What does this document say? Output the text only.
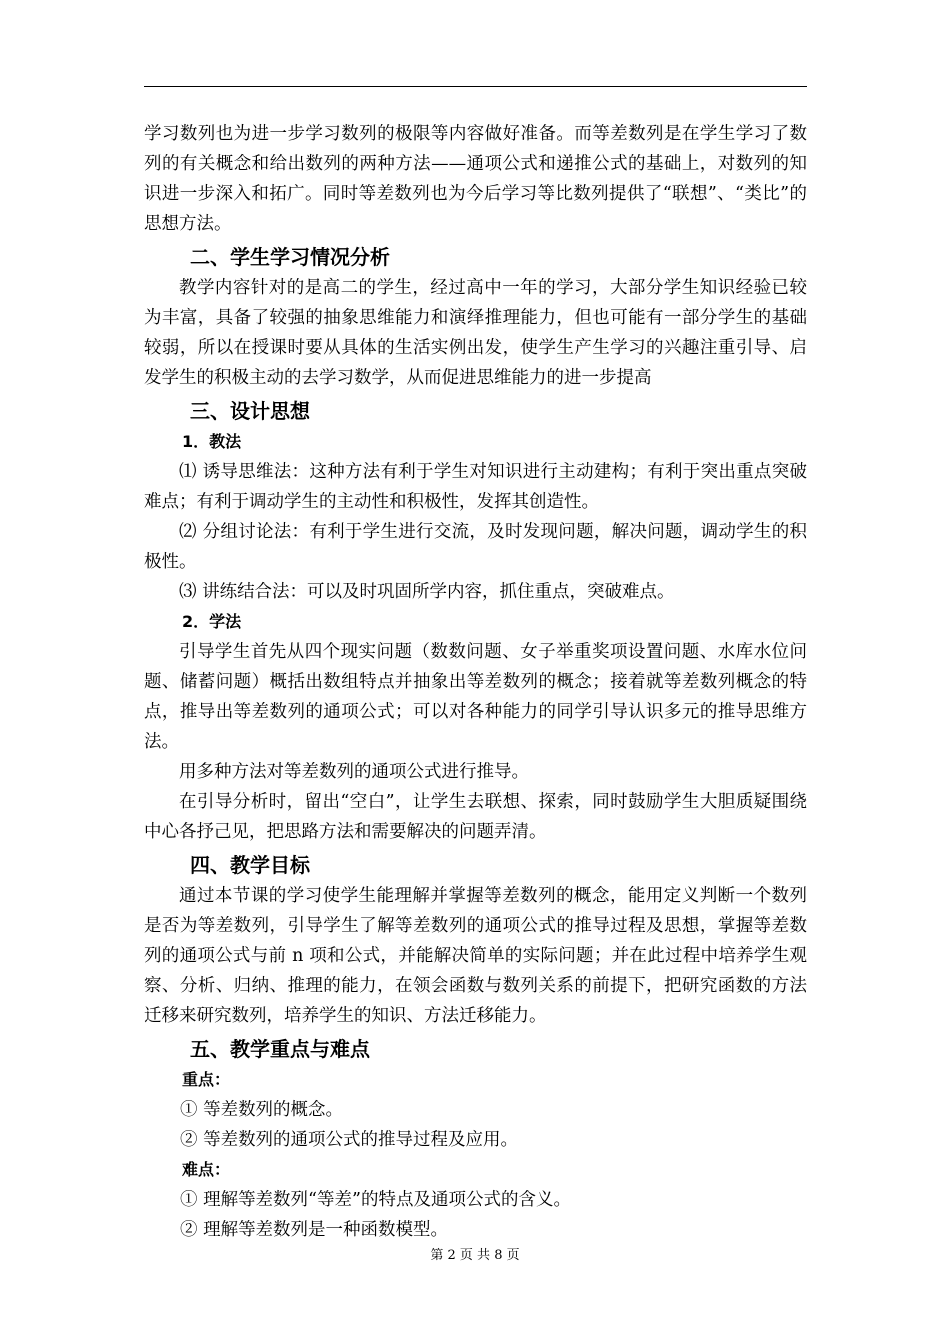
学习数列也为进一步学习数列的极限等内容做好准备。而等差数列是在学生学习了数列的有关概念和给出数列的两种方法——通项公式和递推公式的基础上，对数列的知识进一步深入和拓广。同时等差数列也为今后学习等比数列提供了“联想”、“类比”的思想方法。

二、学生学习情况分析

教学内容针对的是高二的学生，经过高中一年的学习，大部分学生知识经验已较为丰富，具备了较强的抽象思维能力和演绎推理能力，但也可能有一部分学生的基础较弱，所以在授课时要从具体的生活实例出发，使学生产生学习的兴趣注重引导、启发学生的积极主动的去学习数学，从而促进思维能力的进一步提高

三、设计思想

1．教法

⑴ 诱导思维法：这种方法有利于学生对知识进行主动建构；有利于突出重点突破难点；有利于调动学生的主动性和积极性，发挥其创造性。

⑵ 分组讨论法：有利于学生进行交流，及时发现问题，解决问题，调动学生的积极性。

⑶ 讲练结合法：可以及时巩固所学内容，抓住重点，突破难点。

2．学法

引导学生首先从四个现实问题（数数问题、女子举重奖项设置问题、水库水位问题、储蓄问题）概括出数组特点并抽象出等差数列的概念；接着就等差数列概念的特点，推导出等差数列的通项公式；可以对各种能力的同学引导认识多元的推导思维方法。

用多种方法对等差数列的通项公式进行推导。

在引导分析时，留出“空白”，让学生去联想、探索，同时鼓励学生大胆质疑围绕中心各抒己见，把思路方法和需要解决的问题弄清。

四、教学目标

通过本节课的学习使学生能理解并掌握等差数列的概念，能用定义判断一个数列是否为等差数列，引导学生了解等差数列的通项公式的推导过程及思想，掌握等差数列的通项公式与前 n 项和公式，并能解决简单的实际问题；并在此过程中培养学生观察、分析、归纳、推理的能力，在领会函数与数列关系的前提下，把研究函数的方法迁移来研究数列，培养学生的知识、方法迁移能力。

五、教学重点与难点

重点：

① 等差数列的概念。

② 等差数列的通项公式的推导过程及应用。

难点：

① 理解等差数列“等差”的特点及通项公式的含义。

② 理解等差数列是一种函数模型。

第 2 页 共 8 页
